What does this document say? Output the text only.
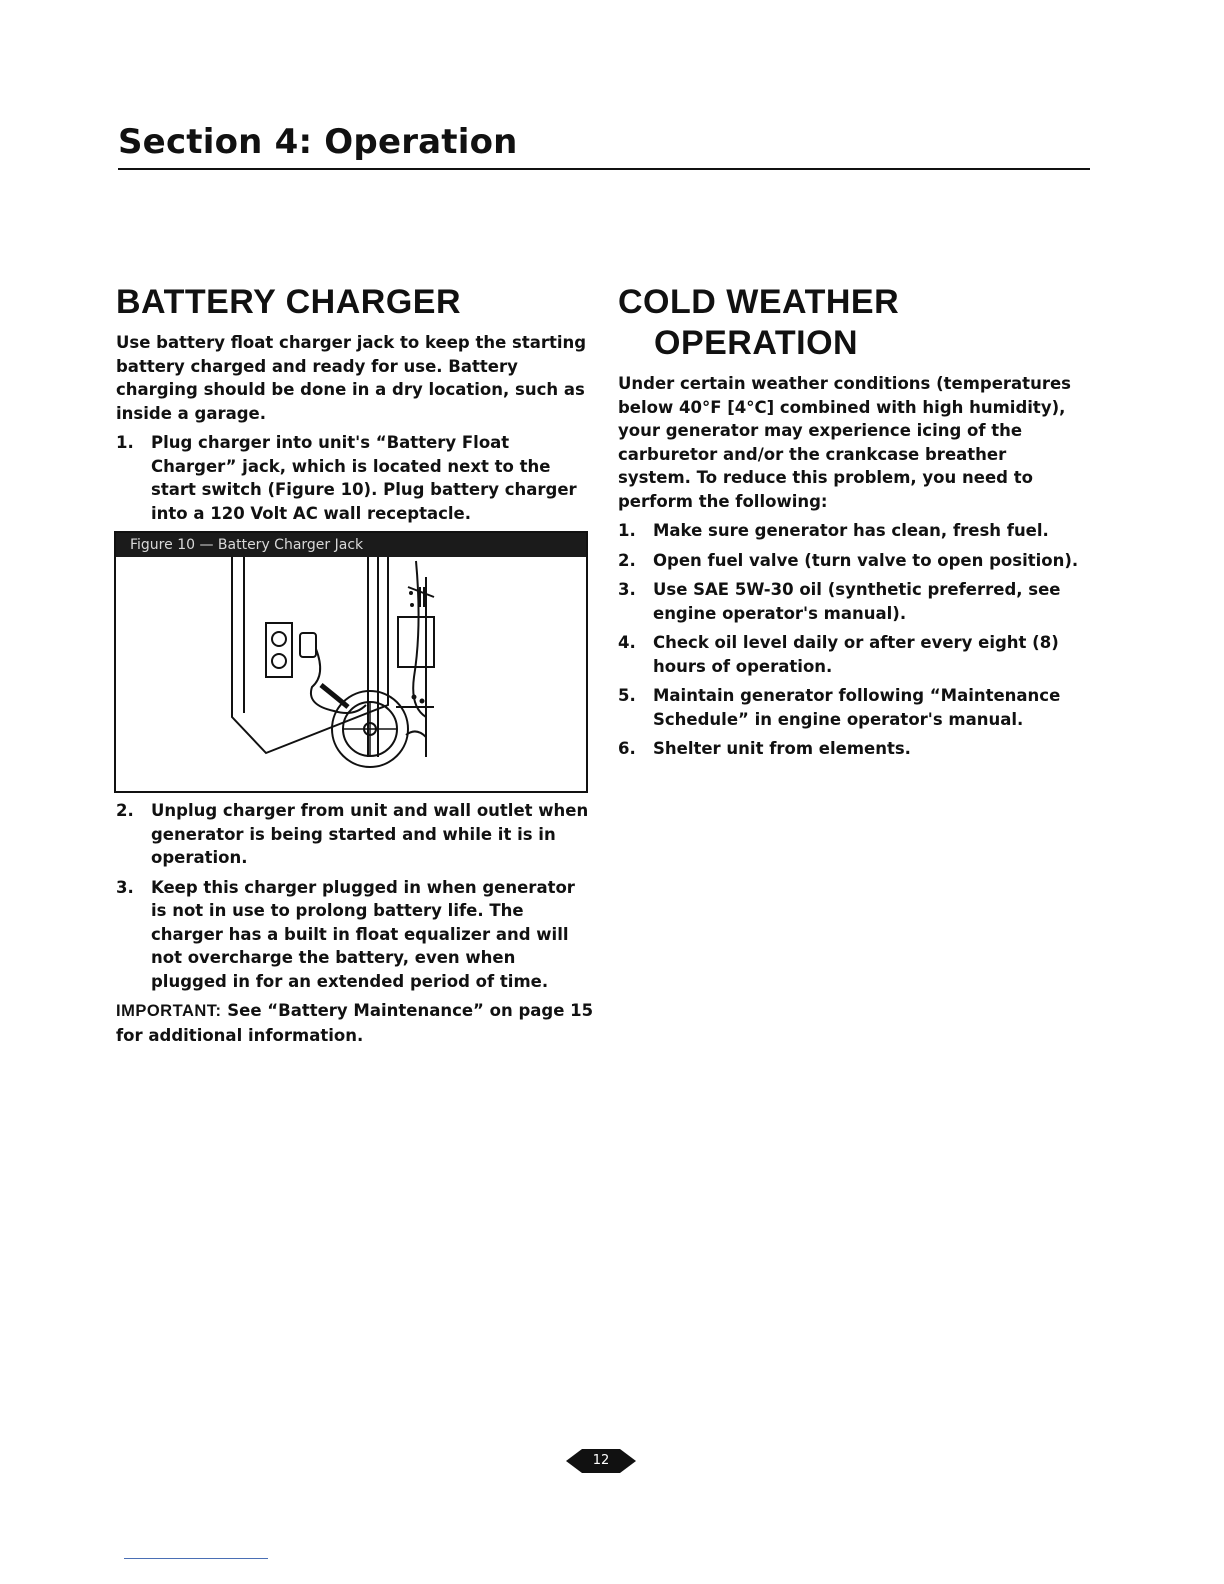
Section 4: Operation
BATTERY CHARGER

Use battery float charger jack to keep the starting battery charged and ready for use. Battery charging should be done in a dry location, such as inside a garage.

1. Plug charger into unit's “Battery Float Charger” jack, which is located next to the start switch (Figure 10). Plug battery charger into a 120 Volt AC wall receptacle.
Figure 10 — Battery Charger Jack
2. Unplug charger from unit and wall outlet when generator is being started and while it is in operation.
3. Keep this charger plugged in when generator is not in use to prolong battery life. The charger has a built in float equalizer and will not overcharge the battery, even when plugged in for an extended period of time.

IMPORTANT: See “Battery Maintenance” on page 15 for additional information.

COLD WEATHER
OPERATION

Under certain weather conditions (temperatures below 40°F [4°C] combined with high humidity), your generator may experience icing of the carburetor and/or the crankcase breather system. To reduce this problem, you need to perform the following:

1. Make sure generator has clean, fresh fuel.
2. Open fuel valve (turn valve to open position).
3. Use SAE 5W-30 oil (synthetic preferred, see engine operator's manual).
4. Check oil level daily or after every eight (8) hours of operation.
5. Maintain generator following “Maintenance Schedule” in engine operator's manual.
6. Shelter unit from elements.
12
